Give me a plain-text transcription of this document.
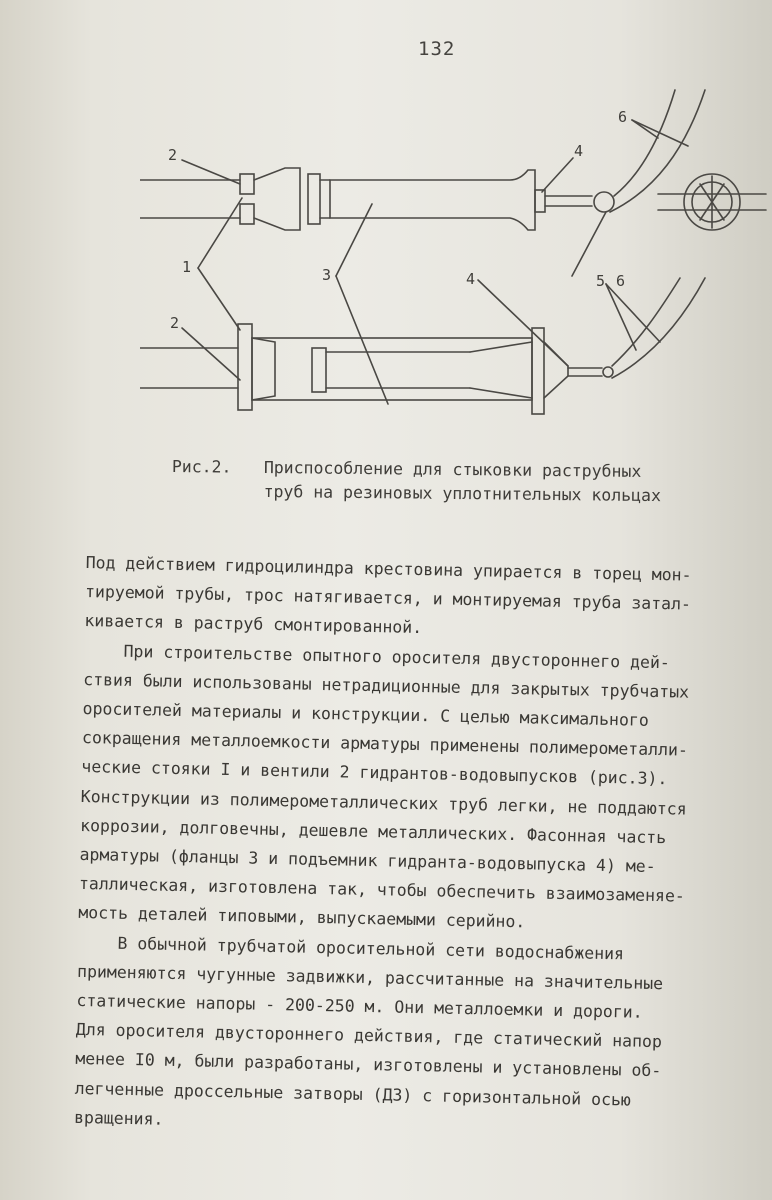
132
2
1
2
3
4
4	5
6
6
Рис.2. Приспособление для стыковки раструбных
труб на резиновых уплотнительных кольцах
Под действием гидроцилиндра крестовина упирается в торец мон-
тируемой трубы, трос натягивается, и монтируемая труба затал-
кивается в раструб смонтированной.
При строительстве опытного оросителя двустороннего дей-
ствия были использованы нетрадиционные для закрытых трубчатых
оросителей материалы и конструкции. С целью максимального
сокращения металлоемкости арматуры применены полимерометалли-
ческие стояки I и вентили 2 гидрантов-водовыпусков (рис.3).
Конструкции из полимерометаллических труб легки, не поддаются
коррозии, долговечны, дешевле металлических. Фасонная часть
арматуры (фланцы 3 и подъемник гидранта-водовыпуска 4) ме-
таллическая, изготовлена так, чтобы обеспечить взаимозаменяе-
мость деталей типовыми, выпускаемыми серийно.
В обычной трубчатой оросительной сети водоснабжения
применяются чугунные задвижки, рассчитанные на значительные
статические напоры - 200-250 м. Они металлоемки и дороги.
Для оросителя двустороннего действия, где статический напор
менее I0 м, были разработаны, изготовлены и установлены об-
легченные дроссельные затворы (ДЗ) с горизонтальной осью
вращения.
